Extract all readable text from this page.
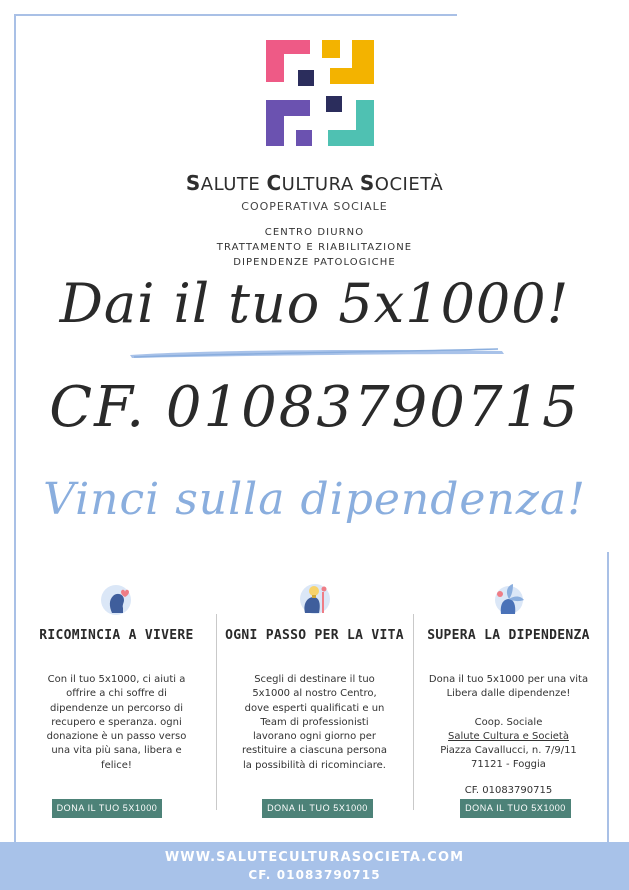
SALUTE CULTURA SOCIETÀ
COOPERATIVA SOCIALE
CENTRO DIURNO
TRATTAMENTO E RIABILITAZIONE
DIPENDENZE PATOLOGICHE
Dai il tuo 5x1000!
CF. 01083790715
Vinci sulla dipendenza!
RICOMINCIA A VIVERE
Con il tuo 5x1000, ci aiuti a offrire a chi soffre di dipendenze un percorso di recupero e speranza. ogni donazione è un passo verso una vita più sana, libera e felice!
OGNI PASSO PER LA VITA
Scegli di destinare il tuo 5x1000 al nostro Centro, dove esperti qualificati e un Team di professionisti lavorano ogni giorno per restituire a ciascuna persona la possibilità di ricominciare.
SUPERA LA DIPENDENZA
Dona il tuo 5x1000 per una vita Libera dalle dipendenze!
Coop. Sociale
Salute Cultura e Società
Piazza Cavallucci, n. 7/9/11
71121 - Foggia
CF. 01083790715
DONA IL TUO 5X1000	DONA IL TUO 5X1000	DONA IL TUO 5X1000
WWW.SALUTECULTURASOCIETA.COM
CF. 01083790715
